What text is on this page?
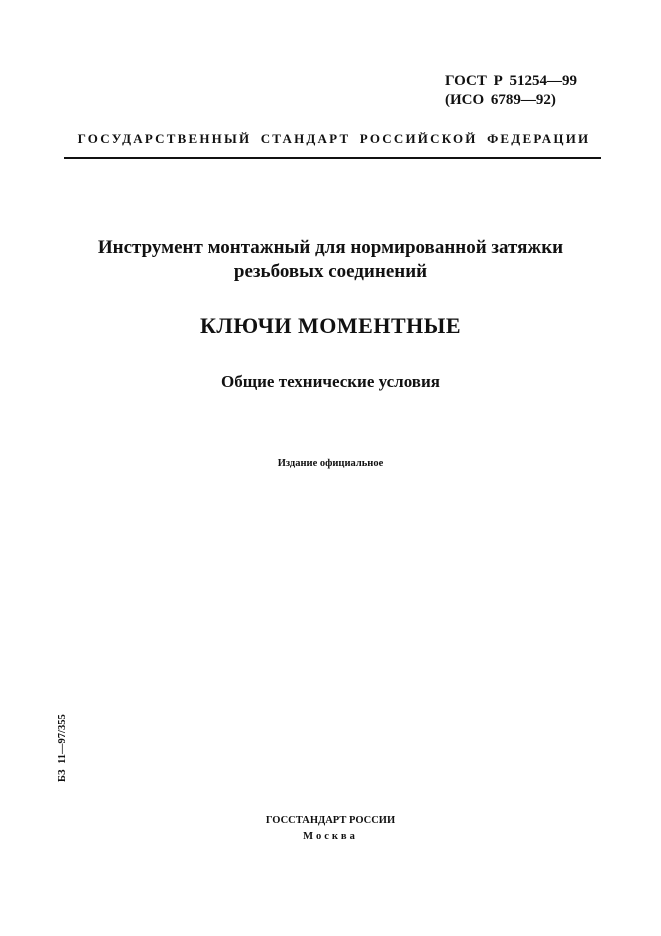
ГОСТ Р 51254—99
(ИСО 6789—92)
ГОСУДАРСТВЕННЫЙ СТАНДАРТ РОССИЙСКОЙ ФЕДЕРАЦИИ
Инструмент монтажный для нормированной затяжки
резьбовых соединений
КЛЮЧИ МОМЕНТНЫЕ
Общие технические условия
Издание официальное
БЗ 11—97/355
ГОССТАНДАРТ РОССИИ
Москва
